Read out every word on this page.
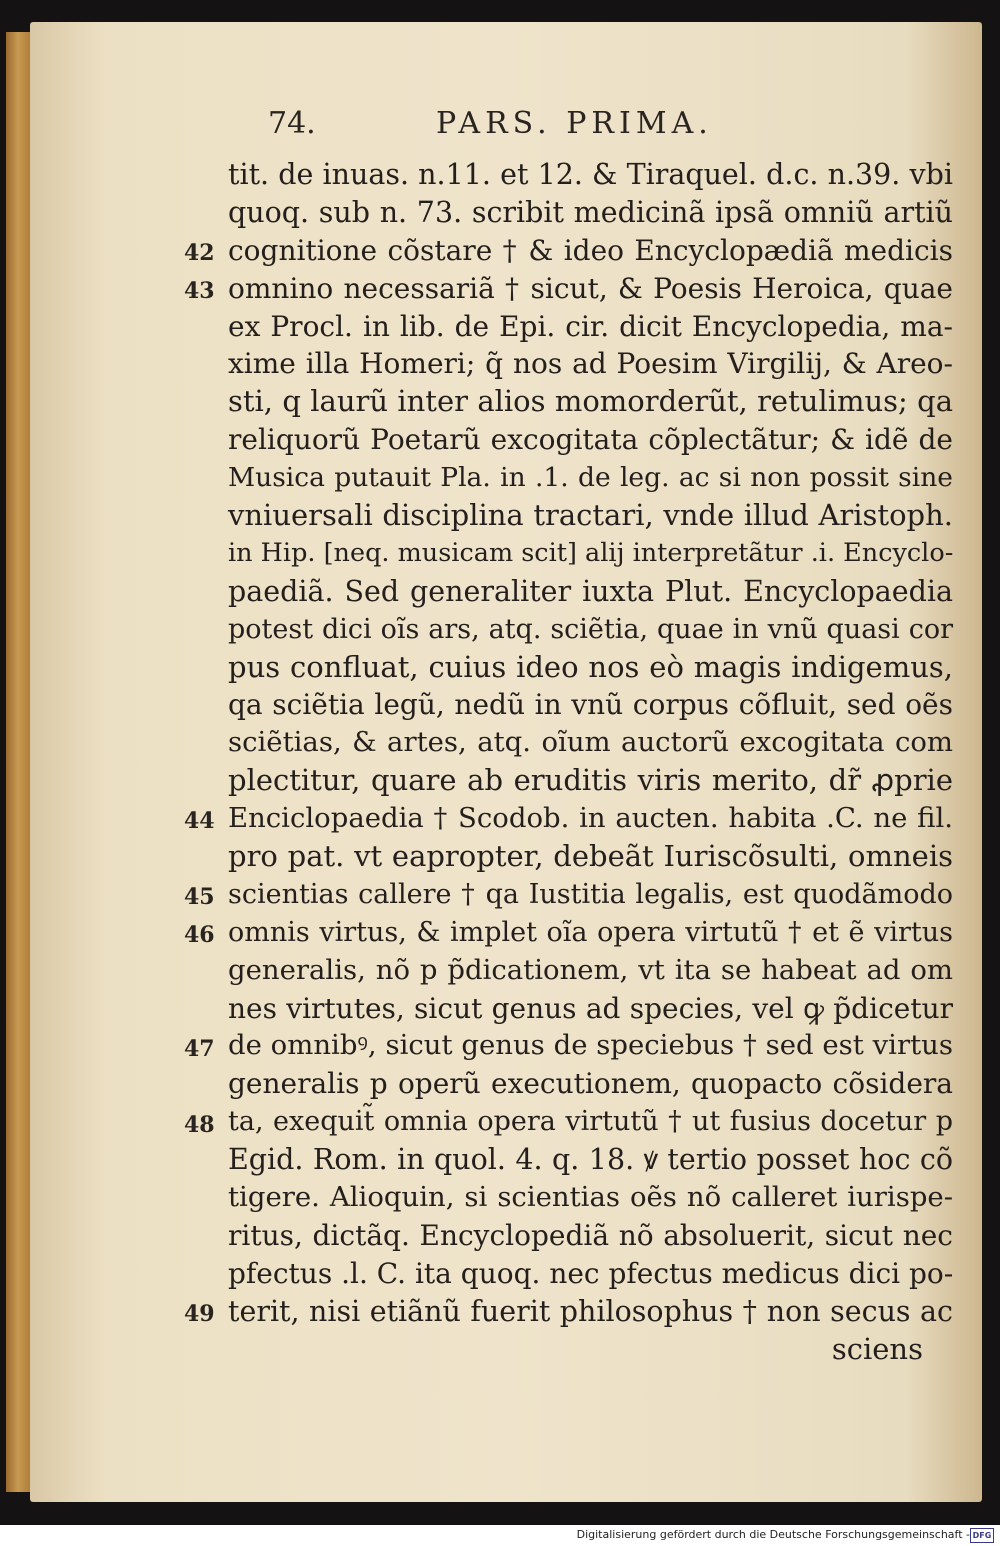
74.	PARS. PRIMA.
42
43
44
45
46
47
48
49
tit. de inuas. n.11. et 12. & Tiraquel. d.c. n.39. vbi
quoq. sub n. 73. scribit medicinã ipsã omniũ artiũ
cognitione cõstare † & ideo Encyclopædiã medicis
omnino necessariã † sicut, & Poesis Heroica, quae
ex Procl. in lib. de Epi. cir. dicit Encyclopedia, ma-
xime illa Homeri; q̃ nos ad Poesim Virgilij, & Areo-
sti, q laurũ inter alios momorderũt, retulimus; qa
reliquorũ Poetarũ excogitata cõplectãtur; & idẽ de
Musica putauit Pla. in .1. de leg. ac si non possit sine
vniuersali disciplina tractari, vnde illud Aristoph.
in Hip. [neq. musicam scit] alij interpretãtur .i. Encyclo-
paediã. Sed generaliter iuxta Plut. Encyclopaedia
potest dici oĩs ars, atq. sciẽtia, quae in vnũ quasi cor
pus confluat, cuius ideo nos eò magis indigemus,
qa sciẽtia legũ, nedũ in vnũ corpus cõfluit, sed oẽs
sciẽtias, & artes, atq. oĩum auctorũ excogitata com
plectitur, quare ab eruditis viris merito, dr̃ ꝓprie
Enciclopaedia † Scodob. in aucten. habita .C. ne fil.
pro pat. vt eapropter, debeãt Iuriscõsulti, omneis
scientias callere † qa Iustitia legalis, est quodãmodo
omnis virtus, & implet oĩa opera virtutũ † et ẽ virtus
generalis, nõ p p̃dicationem, vt ita se habeat ad om
nes virtutes, sicut genus ad species, vel ꝙ p̃dicetur
de omnibꝰ, sicut genus de speciebus † sed est virtus
generalis p operũ executionem, quopacto cõsidera
ta, exequit̃ omnia opera virtutũ † ut fusius docetur p
Egid. Rom. in quol. 4. q. 18. ꝟ tertio posset hoc cõ
tigere. Alioquin, si scientias oẽs nõ calleret iurispe-
ritus, dictãq. Encyclopediã nõ absoluerit, sicut nec
pfectus .l. C. ita quoq. nec pfectus medicus dici po-
terit, nisi etiãnũ fuerit philosophus † non secus ac
sciens
Digitalisierung gefördert durch die Deutsche Forschungsgemeinschaft - DFG
